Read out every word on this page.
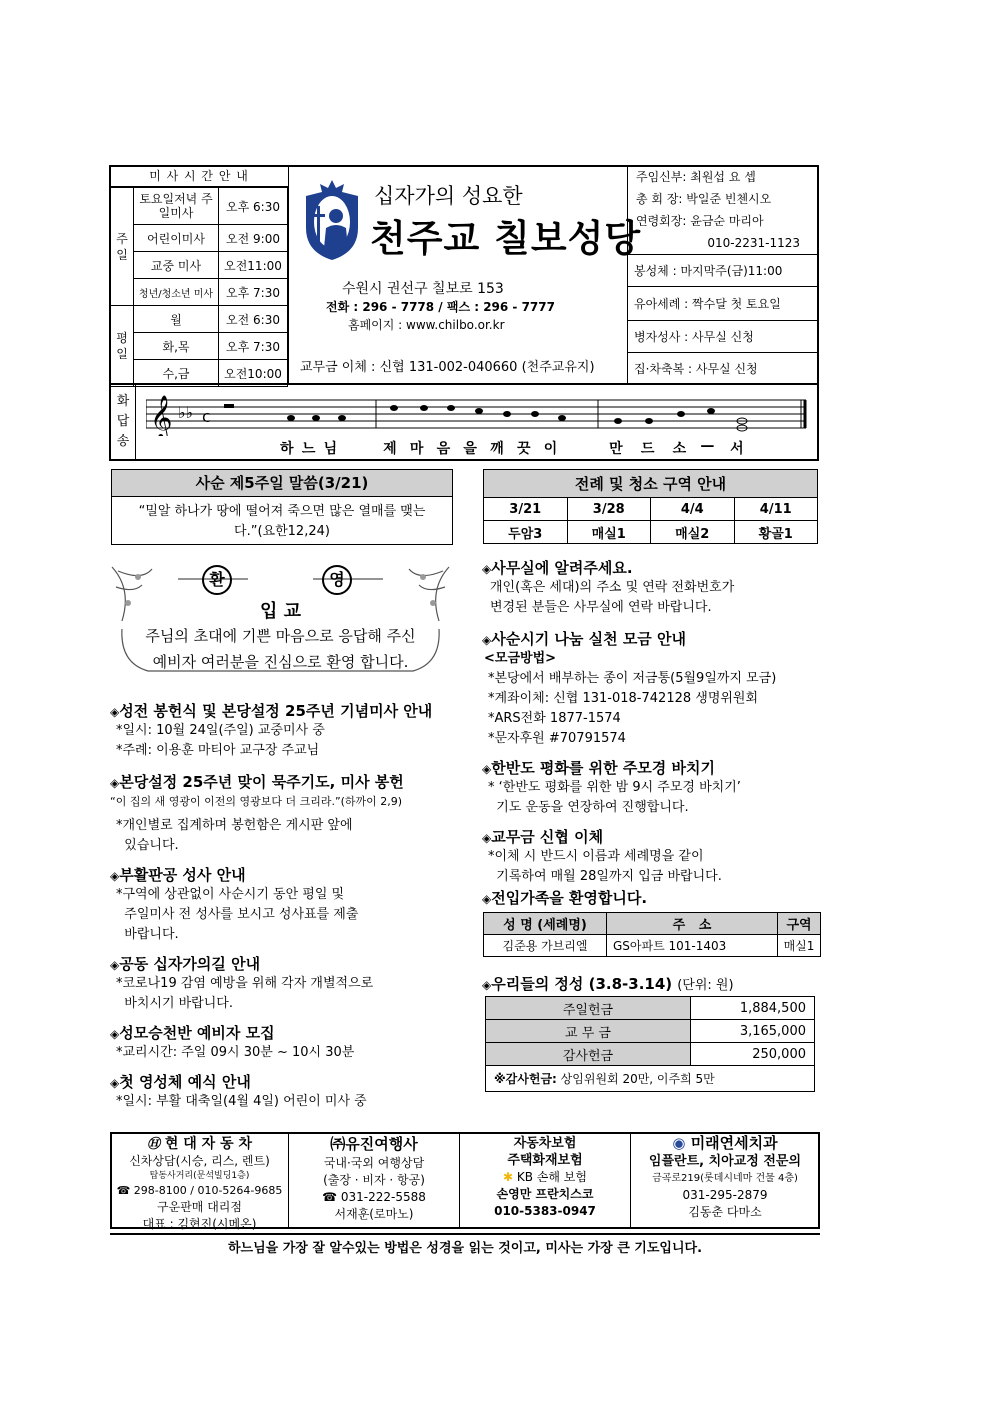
미 사 시 간 안 내
주
일	토요일저녁 주일미사	오후 6:30
	어린이미사	오전 9:00
	교중 미사	오전11:00
	청년/청소년 미사	오후 7:30
평
일	월	오전 6:30
	화,목	오후 7:30
	수,금	오전10:00
십자가의 성요한
천주교 칠보성당
수원시 권선구 칠보로 153
전화 : 296 - 7778 / 팩스 : 296 - 7777
홈페이지 : www.chilbo.or.kr
교무금 이체 : 신협 131-002-040660 (천주교유지)
주임신부: 최원섭 요 셉
총 회 장: 박일준 빈첸시오
연령회장: 윤금순 마리아
010-2231-1123
봉성체 : 마지막주(금)11:00
유아세례 : 짝수달 첫 토요일
병자성사 : 사무실 신청
집·차축복 : 사무실 신청
화
답
송
𝄞 ♭♭ c
하 느 님	제 마 음 을 깨 끗 이	만	드	소	—	서
사순 제5주일 말씀(3/21)
“밀알 하나가 땅에 떨어져 죽으면 많은 열매를 맺는다.”(요한12,24)
전례 및 청소 구역 안내			
3/21	3/28	4/4	4/11
두암3	매실1	매실2	황골1
환	영
입 교
주님의 초대에 기쁜 마음으로 응답해 주신
예비자 여러분을 진심으로 환영 합니다.
◈성전 봉헌식 및 본당설정 25주년 기념미사 안내
*일시: 10월 24일(주일) 교중미사 중
*주례: 이용훈 마티아 교구장 주교님
◈본당설정 25주년 맞이 묵주기도, 미사 봉헌
“이 집의 새 영광이 이전의 영광보다 더 크리라.”(하까이 2,9)
*개인별로 집계하며 봉헌함은 게시판 앞에
있습니다.
◈부활판공 성사 안내
*구역에 상관없이 사순시기 동안 평일 및
주일미사 전 성사를 보시고 성사표를 제출
바랍니다.
◈공동 십자가의길 안내
*코로나19 감염 예방을 위해 각자 개별적으로
바치시기 바랍니다.
◈성모승천반 예비자 모집
*교리시간: 주일 09시 30분 ~ 10시 30분
◈첫 영성체 예식 안내
*일시: 부활 대축일(4월 4일) 어린이 미사 중
◈사무실에 알려주세요.
개인(혹은 세대)의 주소 및 연락 전화번호가
변경된 분들은 사무실에 연락 바랍니다.
◈사순시기 나눔 실천 모금 안내
<모금방법>
*본당에서 배부하는 종이 저금통(5월9일까지 모금)
*계좌이체: 신협 131-018-742128 생명위원회
*ARS전화 1877-1574
*문자후원 #70791574
◈한반도 평화를 위한 주모경 바치기
* ‘한반도 평화를 위한 밤 9시 주모경 바치기’
기도 운동을 연장하여 진행합니다.
◈교무금 신협 이체
*이체 시 반드시 이름과 세례명을 같이
기록하여 매월 28일까지 입금 바랍니다.
◈전입가족을 환영합니다.
성 명 (세례명)	주   소	구역
김준용 가브리엘	GS아파트 101-1403	매실1
◈우리들의 정성 (3.8-3.14) (단위: 원)
주일헌금	1,884,500
교 무 금	3,165,000
감사헌금	250,000
※감사헌금: 상임위원회 20만, 이주희 5만
Ⓗ 현 대 자 동 차
신차상담(시승, 리스, 렌트)
탑동사거리(문석빌딩1층)
☎ 298-8100 / 010-5264-9685
구운판매 대리점
대표 : 김현진(시메온)
㈜유진여행사
국내·국외 여행상담
(출장 · 비자 · 항공)
☎ 031-222-5588
서재훈(로마노)
자동차보험
주택화재보험
✱ KB 손해 보험
손영만 프란치스코
010-5383-0947
◉ 미래연세치과
임플란트, 치아교정 전문의
금곡로219(롯데시네마 건물 4층)
031-295-2879
김동춘 다마소
하느님을 가장 잘 알수있는 방법은 성경을 읽는 것이고, 미사는 가장 큰 기도입니다.
